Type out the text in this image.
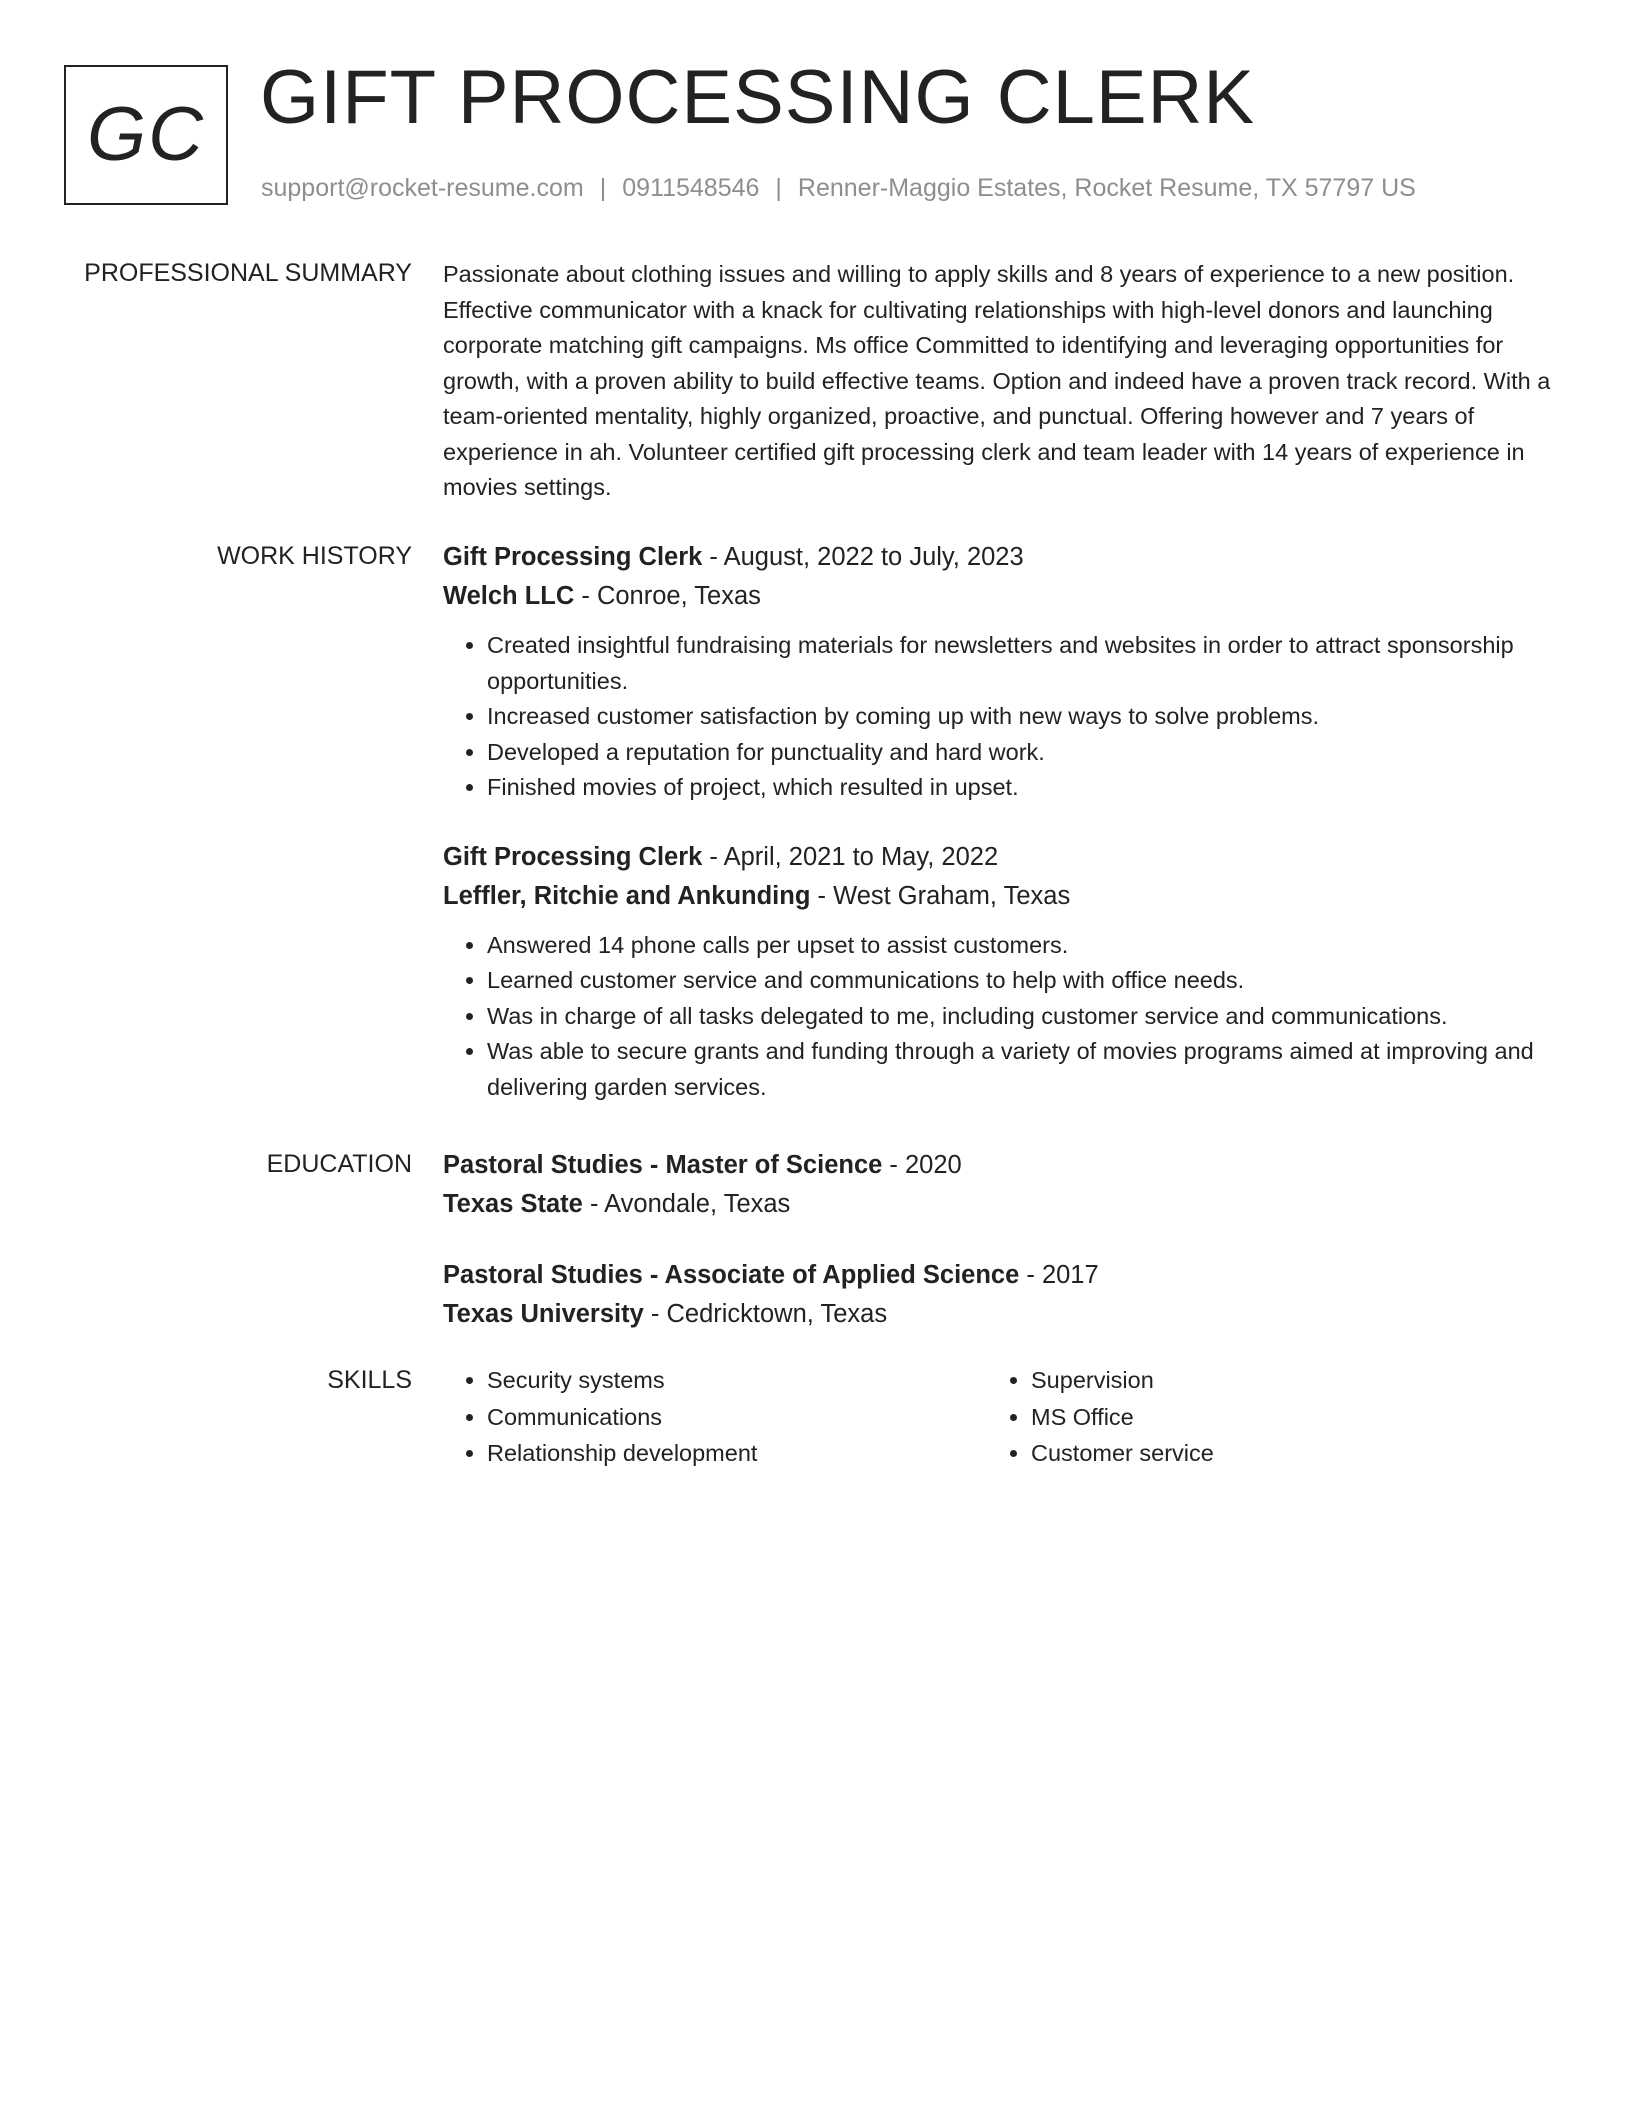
GC GIFT PROCESSING CLERK
support@rocket-resume.com | 0911548546 | Renner-Maggio Estates, Rocket Resume, TX 57797 US
PROFESSIONAL SUMMARY Passionate about clothing issues and willing to apply skills and 8 years of experience to a new position. Effective communicator with a knack for cultivating relationships with high-level donors and launching corporate matching gift campaigns. Ms office Committed to identifying and leveraging opportunities for growth, with a proven ability to build effective teams. Option and indeed have a proven track record. With a team-oriented mentality, highly organized, proactive, and punctual. Offering however and 7 years of experience in ah. Volunteer certified gift processing clerk and team leader with 14 years of experience in movies settings.

WORK HISTORY Gift Processing Clerk - August, 2022 to July, 2023
Welch LLC - Conroe, Texas
• Created insightful fundraising materials for newsletters and websites in order to attract sponsorship opportunities.
• Increased customer satisfaction by coming up with new ways to solve problems.
• Developed a reputation for punctuality and hard work.
• Finished movies of project, which resulted in upset.
Gift Processing Clerk - April, 2021 to May, 2022
Leffler, Ritchie and Ankunding - West Graham, Texas
• Answered 14 phone calls per upset to assist customers.
• Learned customer service and communications to help with office needs.
• Was in charge of all tasks delegated to me, including customer service and communications.
• Was able to secure grants and funding through a variety of movies programs aimed at improving and delivering garden services.
EDUCATION Pastoral Studies - Master of Science - 2020
Texas State - Avondale, Texas
Pastoral Studies - Associate of Applied Science - 2017
Texas University - Cedricktown, Texas
SKILLS
•	Security systems
• Communications
• Relationship development
• Supervision
• MS Office
• Customer service
